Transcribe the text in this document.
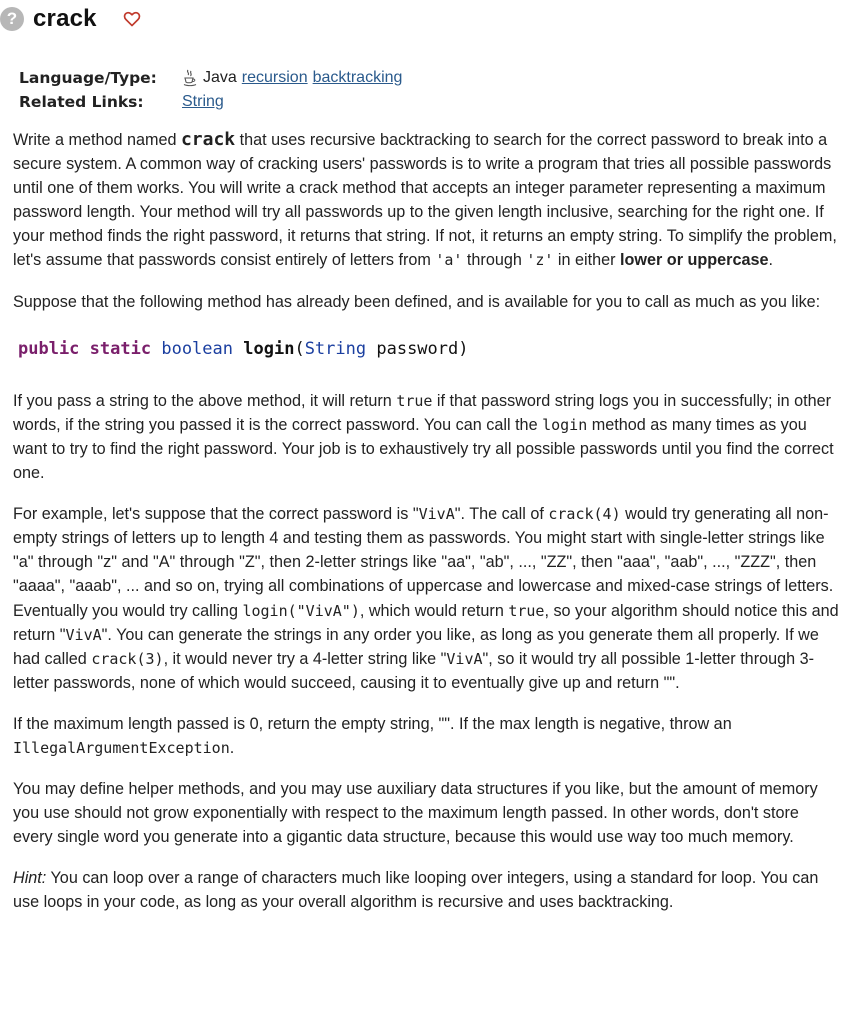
? crack
Language/Type:	Java recursion backtracking
Related Links:	String

Write a method named crack that uses recursive backtracking to search for the correct password to break into a secure system. A common way of cracking users' passwords is to write a program that tries all possible passwords until one of them works. You will write a crack method that accepts an integer parameter representing a maximum password length. Your method will try all passwords up to the given length inclusive, searching for the right one. If your method finds the right password, it returns that string. If not, it returns an empty string. To simplify the problem, let's assume that passwords consist entirely of letters from 'a' through 'z' in either lower or uppercase.

Suppose that the following method has already been defined, and is available for you to call as much as you like:

public static boolean login(String password)

If you pass a string to the above method, it will return true if that password string logs you in successfully; in other words, if the string you passed it is the correct password. You can call the login method as many times as you want to try to find the right password. Your job is to exhaustively try all possible passwords until you find the correct one.

For example, let's suppose that the correct password is "VivA". The call of crack(4) would try generating all non-empty strings of letters up to length 4 and testing them as passwords. You might start with single-letter strings like "a" through "z" and "A" through "Z", then 2-letter strings like "aa", "ab", ..., "ZZ", then "aaa", "aab", ..., "ZZZ", then "aaaa", "aaab", ... and so on, trying all combinations of uppercase and lowercase and mixed-case strings of letters. Eventually you would try calling login("VivA"), which would return true, so your algorithm should notice this and return "VivA". You can generate the strings in any order you like, as long as you generate them all properly. If we had called crack(3), it would never try a 4-letter string like "VivA", so it would try all possible 1-letter through 3-letter passwords, none of which would succeed, causing it to eventually give up and return "".

If the maximum length passed is 0, return the empty string, "". If the max length is negative, throw an IllegalArgumentException.

You may define helper methods, and you may use auxiliary data structures if you like, but the amount of memory you use should not grow exponentially with respect to the maximum length passed. In other words, don't store every single word you generate into a gigantic data structure, because this would use way too much memory.

Hint: You can loop over a range of characters much like looping over integers, using a standard for loop. You can use loops in your code, as long as your overall algorithm is recursive and uses backtracking.
